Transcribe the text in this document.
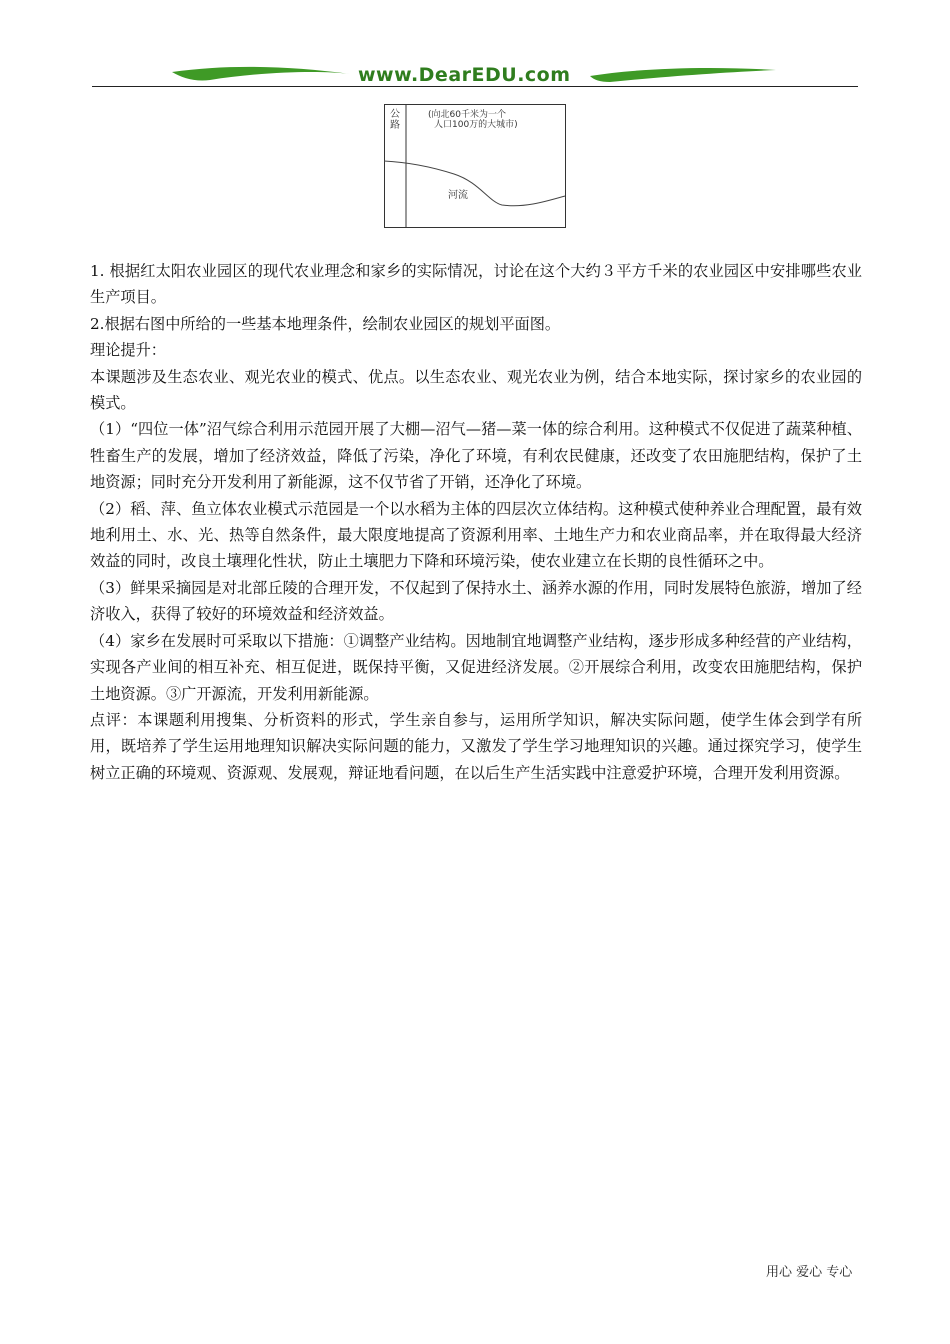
www.DearEDU.com
公
路
(向北60千米为一个
人口100万的大城市)
河流

1. 根据红太阳农业园区的现代农业理念和家乡的实际情况，讨论在这个大约３平方千米的农业园区中安排哪些农业生产项目。

2.根据右图中所给的一些基本地理条件，绘制农业园区的规划平面图。

理论提升：

本课题涉及生态农业、观光农业的模式、优点。以生态农业、观光农业为例，结合本地实际，探讨家乡的农业园的模式。

（1）“四位一体”沼气综合利用示范园开展了大棚—沼气—猪—菜一体的综合利用。这种模式不仅促进了蔬菜种植、牲畜生产的发展，增加了经济效益，降低了污染，净化了环境，有利农民健康，还改变了农田施肥结构，保护了土地资源；同时充分开发利用了新能源，这不仅节省了开销，还净化了环境。

（2）稻、萍、鱼立体农业模式示范园是一个以水稻为主体的四层次立体结构。这种模式使种养业合理配置，最有效地利用土、水、光、热等自然条件，最大限度地提高了资源利用率、土地生产力和农业商品率，并在取得最大经济效益的同时，改良土壤理化性状，防止土壤肥力下降和环境污染，使农业建立在长期的良性循环之中。

（3）鲜果采摘园是对北部丘陵的合理开发，不仅起到了保持水土、涵养水源的作用，同时发展特色旅游，增加了经济收入，获得了较好的环境效益和经济效益。

（4）家乡在发展时可采取以下措施：①调整产业结构。因地制宜地调整产业结构，逐步形成多种经营的产业结构，实现各产业间的相互补充、相互促进，既保持平衡，又促进经济发展。②开展综合利用，改变农田施肥结构，保护土地资源。③广开源流，开发利用新能源。

点评：本课题利用搜集、分析资料的形式，学生亲自参与，运用所学知识，解决实际问题，使学生体会到学有所用，既培养了学生运用地理知识解决实际问题的能力，又激发了学生学习地理知识的兴趣。通过探究学习，使学生树立正确的环境观、资源观、发展观，辩证地看问题，在以后生产生活实践中注意爱护环境，合理开发利用资源。

用心 爱心 专心
